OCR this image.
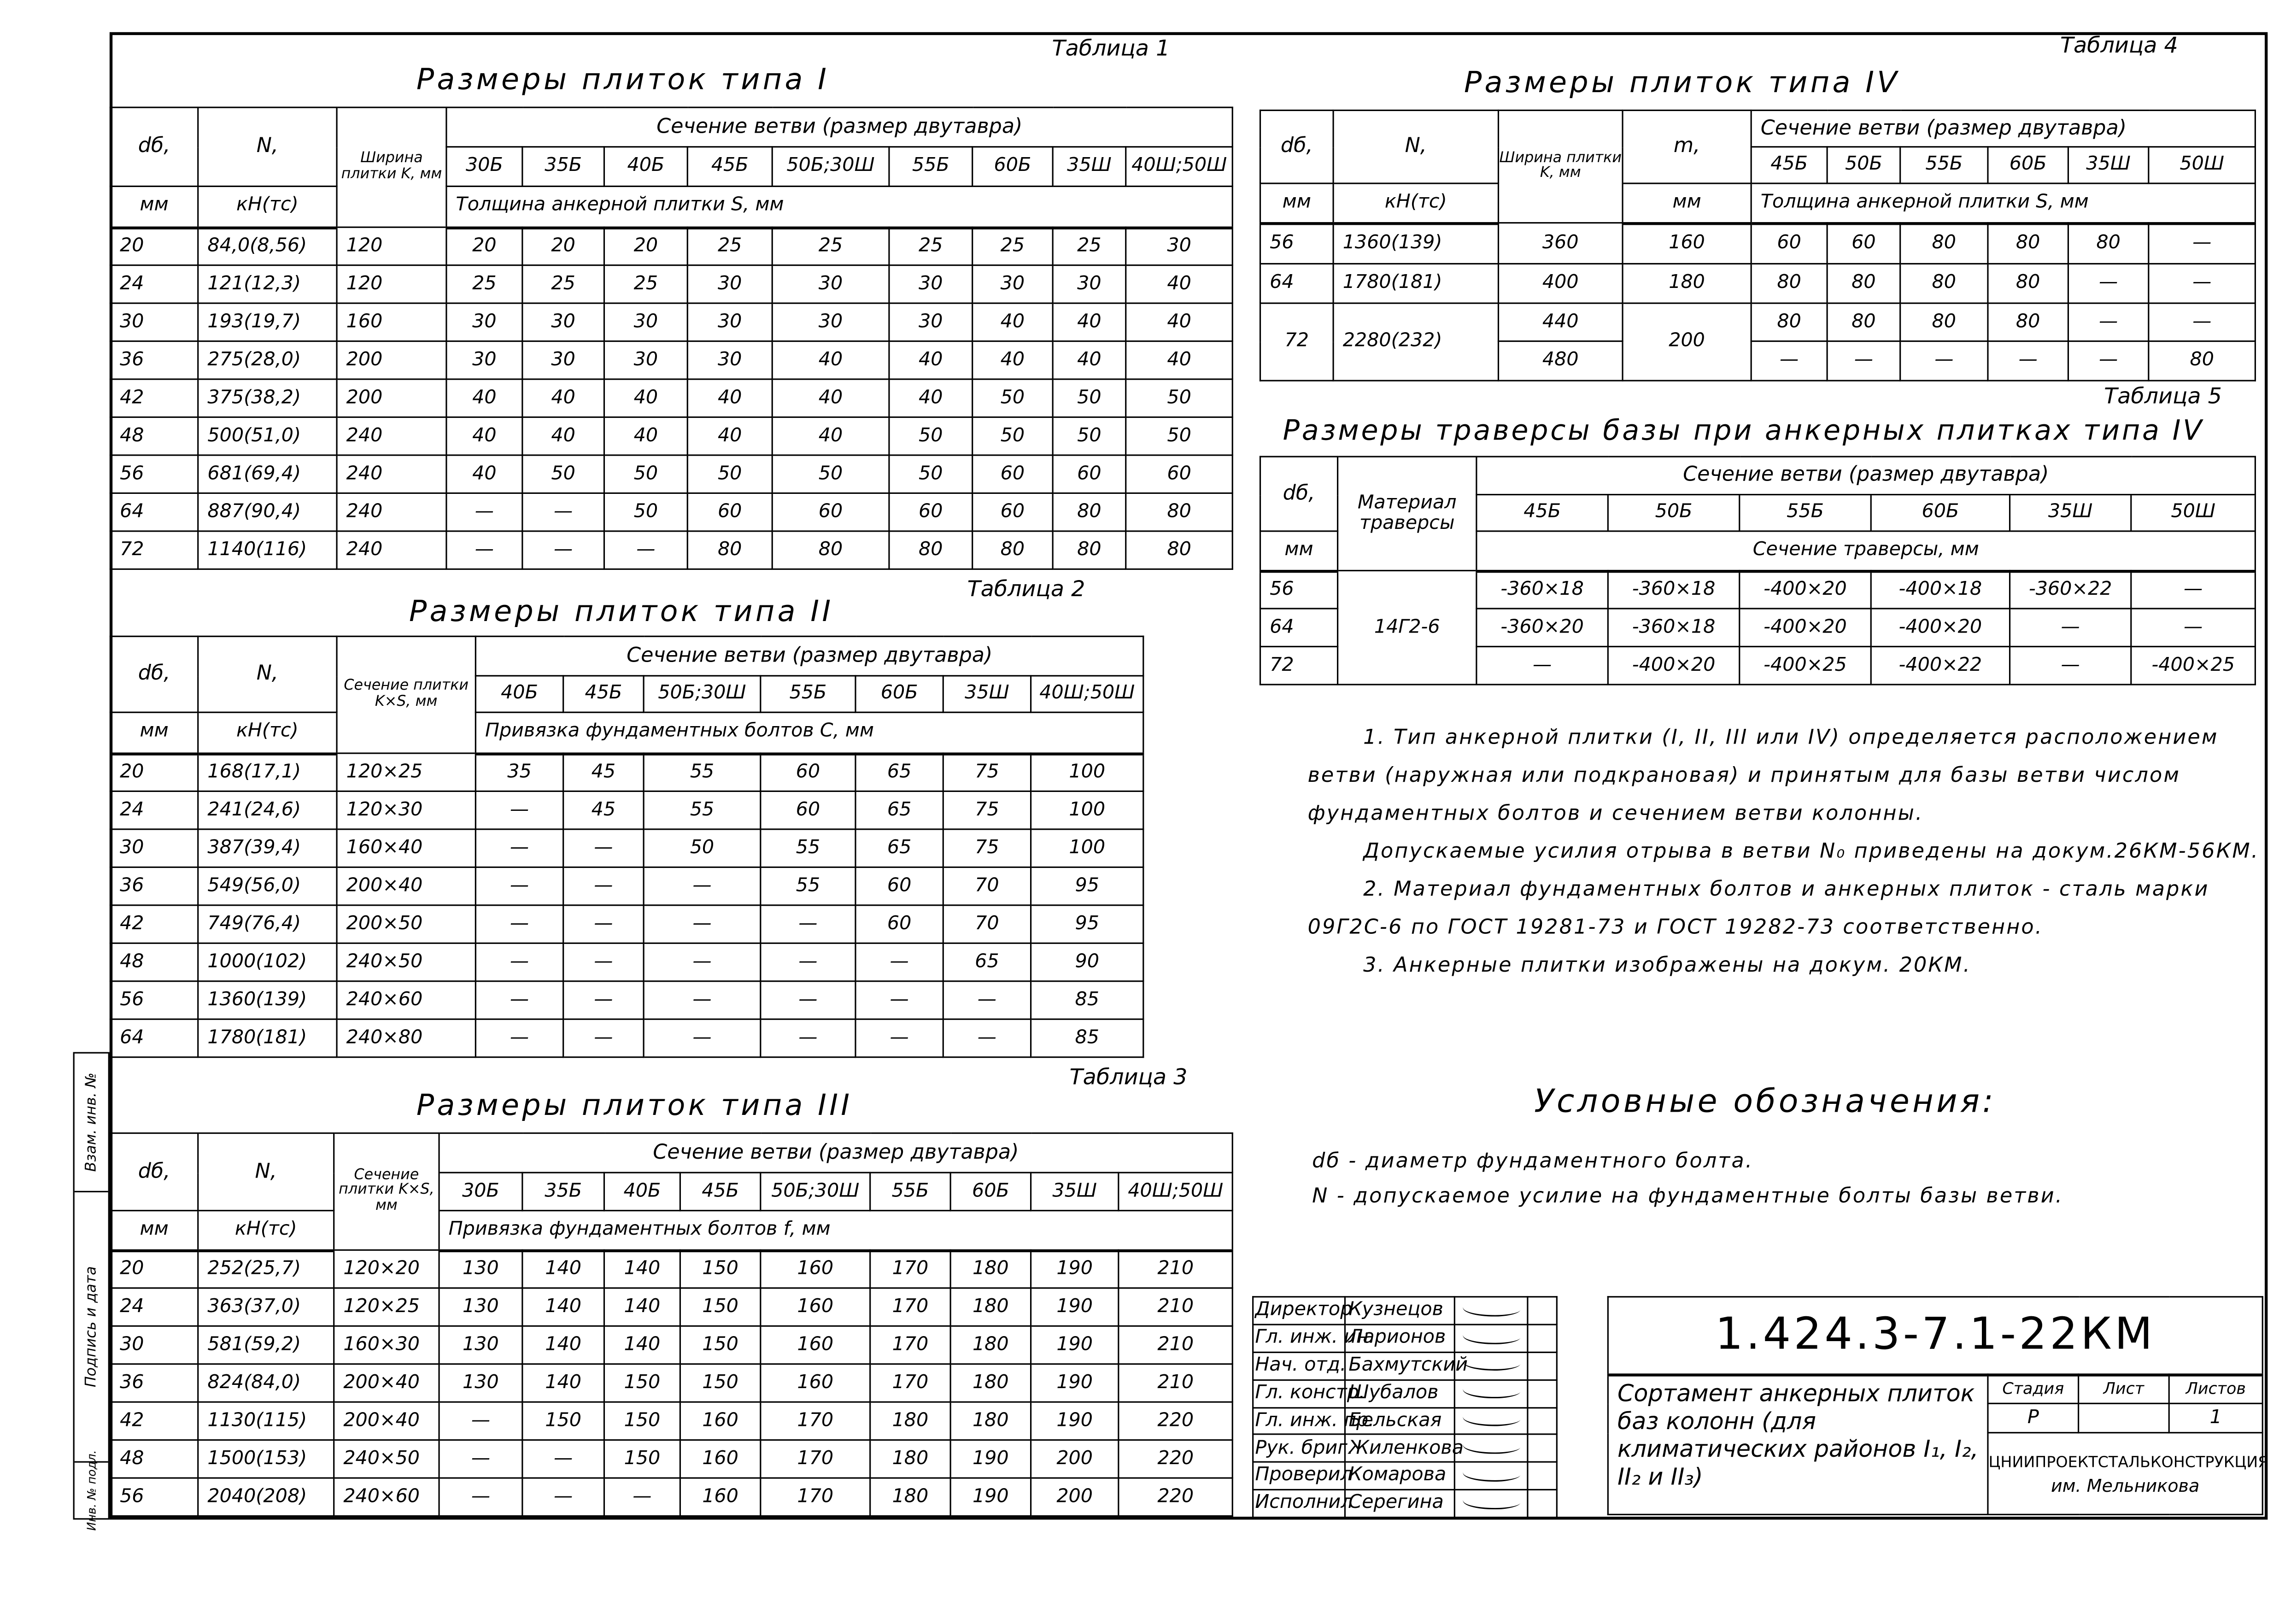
Взам. инв. №
Подпись и дата
Инв. № подл.
Таблица 1
Размеры плиток типа I
dб,	N,	Ширина плитки K, мм	Сечение ветви (размер двутавра)								
			30Б	35Б	40Б	45Б	50Б;30Ш	55Б	60Б	35Ш	40Ш;50Ш
мм	кН(тс)		Толщина анкерной плитки S, мм								
20	84,0(8,56)	120	20	20	20	25	25	25	25	25	30
24	121(12,3)	120	25	25	25	30	30	30	30	30	40
30	193(19,7)	160	30	30	30	30	30	30	40	40	40
36	275(28,0)	200	30	30	30	30	40	40	40	40	40
42	375(38,2)	200	40	40	40	40	40	40	50	50	50
48	500(51,0)	240	40	40	40	40	40	50	50	50	50
56	681(69,4)	240	40	50	50	50	50	50	60	60	60
64	887(90,4)	240	—	—	50	60	60	60	60	80	80
72	1140(116)	240	—	—	—	80	80	80	80	80	80
Таблица 2
Размеры плиток типа II
dб,	N,	Сечение плитки K×S, мм	Сечение ветви (размер двутавра)						
			40Б	45Б	50Б;30Ш	55Б	60Б	35Ш	40Ш;50Ш
мм	кН(тс)		Привязка фундаментных болтов C, мм						
20	168(17,1)	120×25	35	45	55	60	65	75	100
24	241(24,6)	120×30	—	45	55	60	65	75	100
30	387(39,4)	160×40	—	—	50	55	65	75	100
36	549(56,0)	200×40	—	—	—	55	60	70	95
42	749(76,4)	200×50	—	—	—	—	60	70	95
48	1000(102)	240×50	—	—	—	—	—	65	90
56	1360(139)	240×60	—	—	—	—	—	—	85
64	1780(181)	240×80	—	—	—	—	—	—	85
Таблица 3
Размеры плиток типа III
dб,	N,	Сечение плитки K×S, мм	Сечение ветви (размер двутавра)								
			30Б	35Б	40Б	45Б	50Б;30Ш	55Б	60Б	35Ш	40Ш;50Ш
мм	кН(тс)		Привязка фундаментных болтов f, мм								
20	252(25,7)	120×20	130	140	140	150	160	170	180	190	210
24	363(37,0)	120×25	130	140	140	150	160	170	180	190	210
30	581(59,2)	160×30	130	140	140	150	160	170	180	190	210
36	824(84,0)	200×40	130	140	150	150	160	170	180	190	210
42	1130(115)	200×40	—	150	150	160	170	180	180	190	220
48	1500(153)	240×50	—	—	150	160	170	180	190	200	220
56	2040(208)	240×60	—	—	—	160	170	180	190	200	220
Таблица 4
Размеры плиток типа IV
dб,	N,	Ширина плитки K, мм	m,	Сечение ветви (размер двутавра)					
				45Б	50Б	55Б	60Б	35Ш	50Ш
мм	кН(тс)		мм	Толщина анкерной плитки S, мм					
56	1360(139)	360	160	60	60	80	80	80	—
64	1780(181)	400	180	80	80	80	80	—	—
72	2280(232)	440	200	80	80	80	80	—	—
		480		—	—	—	—	—	80
Таблица 5
Размеры траверсы базы при анкерных плитках типа IV
dб,	Материал траверсы	Сечение ветви (размер двутавра)					
		45Б	50Б	55Б	60Б	35Ш	50Ш
мм		Сечение траверсы, мм					
56	14Г2-6	-360×18	-360×18	-400×20	-400×18	-360×22	—
64		-360×20	-360×18	-400×20	-400×20	—	—
72		—	-400×20	-400×25	-400×22	—	-400×25

1. Тип анкерной плитки (I, II, III или IV) определяется расположением ветви (наружная или подкрановая) и принятым для базы ветви числом фундаментных болтов и сечением ветви колонны.

Допускаемые усилия отрыва в ветви N₀ приведены на докум.26КМ-56КМ.

2. Материал фундаментных болтов и анкерных плиток - сталь марки 09Г2С-6 по ГОСТ 19281-73 и ГОСТ 19282-73 соответственно.

3. Анкерные плитки изображены на докум. 20КМ.

Условные обозначения:
dб - диаметр фундаментного болта.
N - допускаемое усилие на фундаментные болты базы ветви.
Директор	Кузнецов			
Гл. инж. ин.	Ларионов			
Нач. отд.	Бахмутский			
Гл. констр.	Шубалов			
Гл. инж. пр.	Бельская			
Рук. бриг.	Жиленкова			
Проверил	Комарова			
Исполнил	Серегина			
1.424.3-7.1-22КМ			
Сортамент анкерных плиток баз колонн (для климатических районов I₁, I₂, II₂ и II₃)	Стадия	Лист	Листов
	Р		1

	ЦНИИПРОЕКТСТАЛЬКОНСТРУКЦИЯ
им. Мельникова		
